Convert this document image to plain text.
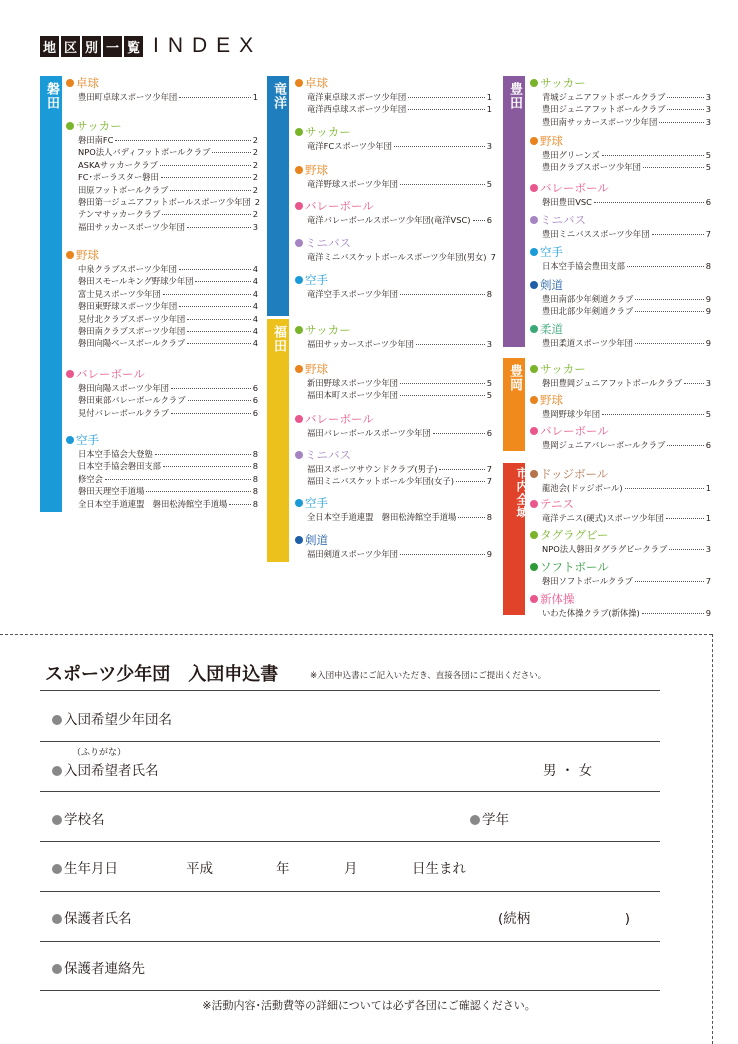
地 区 別 一 覧 INDEX
磐田	竜洋
福田
豊田
豊岡
市内全域
卓球
豊田町卓球スポーツ少年団	1
サッカー
磐田南FC	2
NPO法人バディフットボールクラブ	2
ASKAサッカークラブ	2
FC･ポーラスター磐田	2
田原フットボールクラブ	2
磐田第一ジュニアフットボールスポーツ少年団 2
テンマサッカークラブ	2
福田サッカースポーツ少年団	3
野球
中泉クラブスポーツ少年団	4
磐田スモールキング野球少年団	4
富士見スポーツ少年団	4
磐田東野球スポーツ少年団	4
見付北クラブスポーツ少年団	4
磐田南クラブスポーツ少年団	4
磐田向陽ベースボールクラブ	4
バレーボール
磐田向陽スポーツ少年団	6
磐田東部バレーボールクラブ	6
見付バレーボールクラブ	6
空手
日本空手協会大登塾	8
日本空手協会磐田支部	8
修空会	8
磐田天理空手道場	8
全日本空手道連盟　磐田松涛館空手道場	8
卓球
竜洋東卓球スポーツ少年団	1
竜洋西卓球スポーツ少年団	1
サッカー
竜洋FCスポーツ少年団	3
野球
竜洋野球スポーツ少年団	5
バレーボール
竜洋バレーボールスポーツ少年団(竜洋VSC) 6
ミニバス
竜洋ミニバスケットボールスポーツ少年団(男女) 7
空手
竜洋空手スポーツ少年団	8
サッカー
福田サッカースポーツ少年団	3
野球
新田野球スポーツ少年団	5
福田本町スポーツ少年団	5
バレーボール
福田バレーボールスポーツ少年団	6
ミニバス
福田スポーツサウンドクラブ(男子)	7
福田ミニバスケットボール少年団(女子)	7
空手
全日本空手道連盟　磐田松涛館空手道場	8
剣道
福田剣道スポーツ少年団	9
サッカー
青城ジュニアフットボールクラブ	3
豊田ジュニアフットボールクラブ	3
豊田南サッカースポーツ少年団	3
野球
豊田グリーンズ	5
豊田クラブスポーツ少年団	5
バレーボール
磐田豊田VSC	6
ミニバス
豊田ミニバススポーツ少年団	7
空手
日本空手協会豊田支部	8
剣道
豊田南部少年剣道クラブ	9
豊田北部少年剣道クラブ	9
柔道
豊田柔道スポーツ少年団	9
サッカー
磐田豊岡ジュニアフットボールクラブ	3
野球
豊岡野球少年団	5
バレーボール
豊岡ジュニアバレーボールクラブ	6
ドッジボール
龍池会(ドッジボール)	1
テニス
竜洋テニス(硬式)スポーツ少年団	1
タグラグビー
NPO法人磐田タグラグビークラブ	3
ソフトボール
磐田ソフトボールクラブ	7
新体操
いわた体操クラブ(新体操)	9
スポーツ少年団　入団申込書	※入団申込書にご記入いただき、直接各団にご提出ください。
入団希望少年団名
（ふりがな）
入団希望者氏名	男 ・ 女
学校名	学年
生年月日	平成	年	月	日生まれ
保護者氏名	(続柄　　　　　　　)
保護者連絡先
※活動内容･活動費等の詳細については必ず各団にご確認ください。
